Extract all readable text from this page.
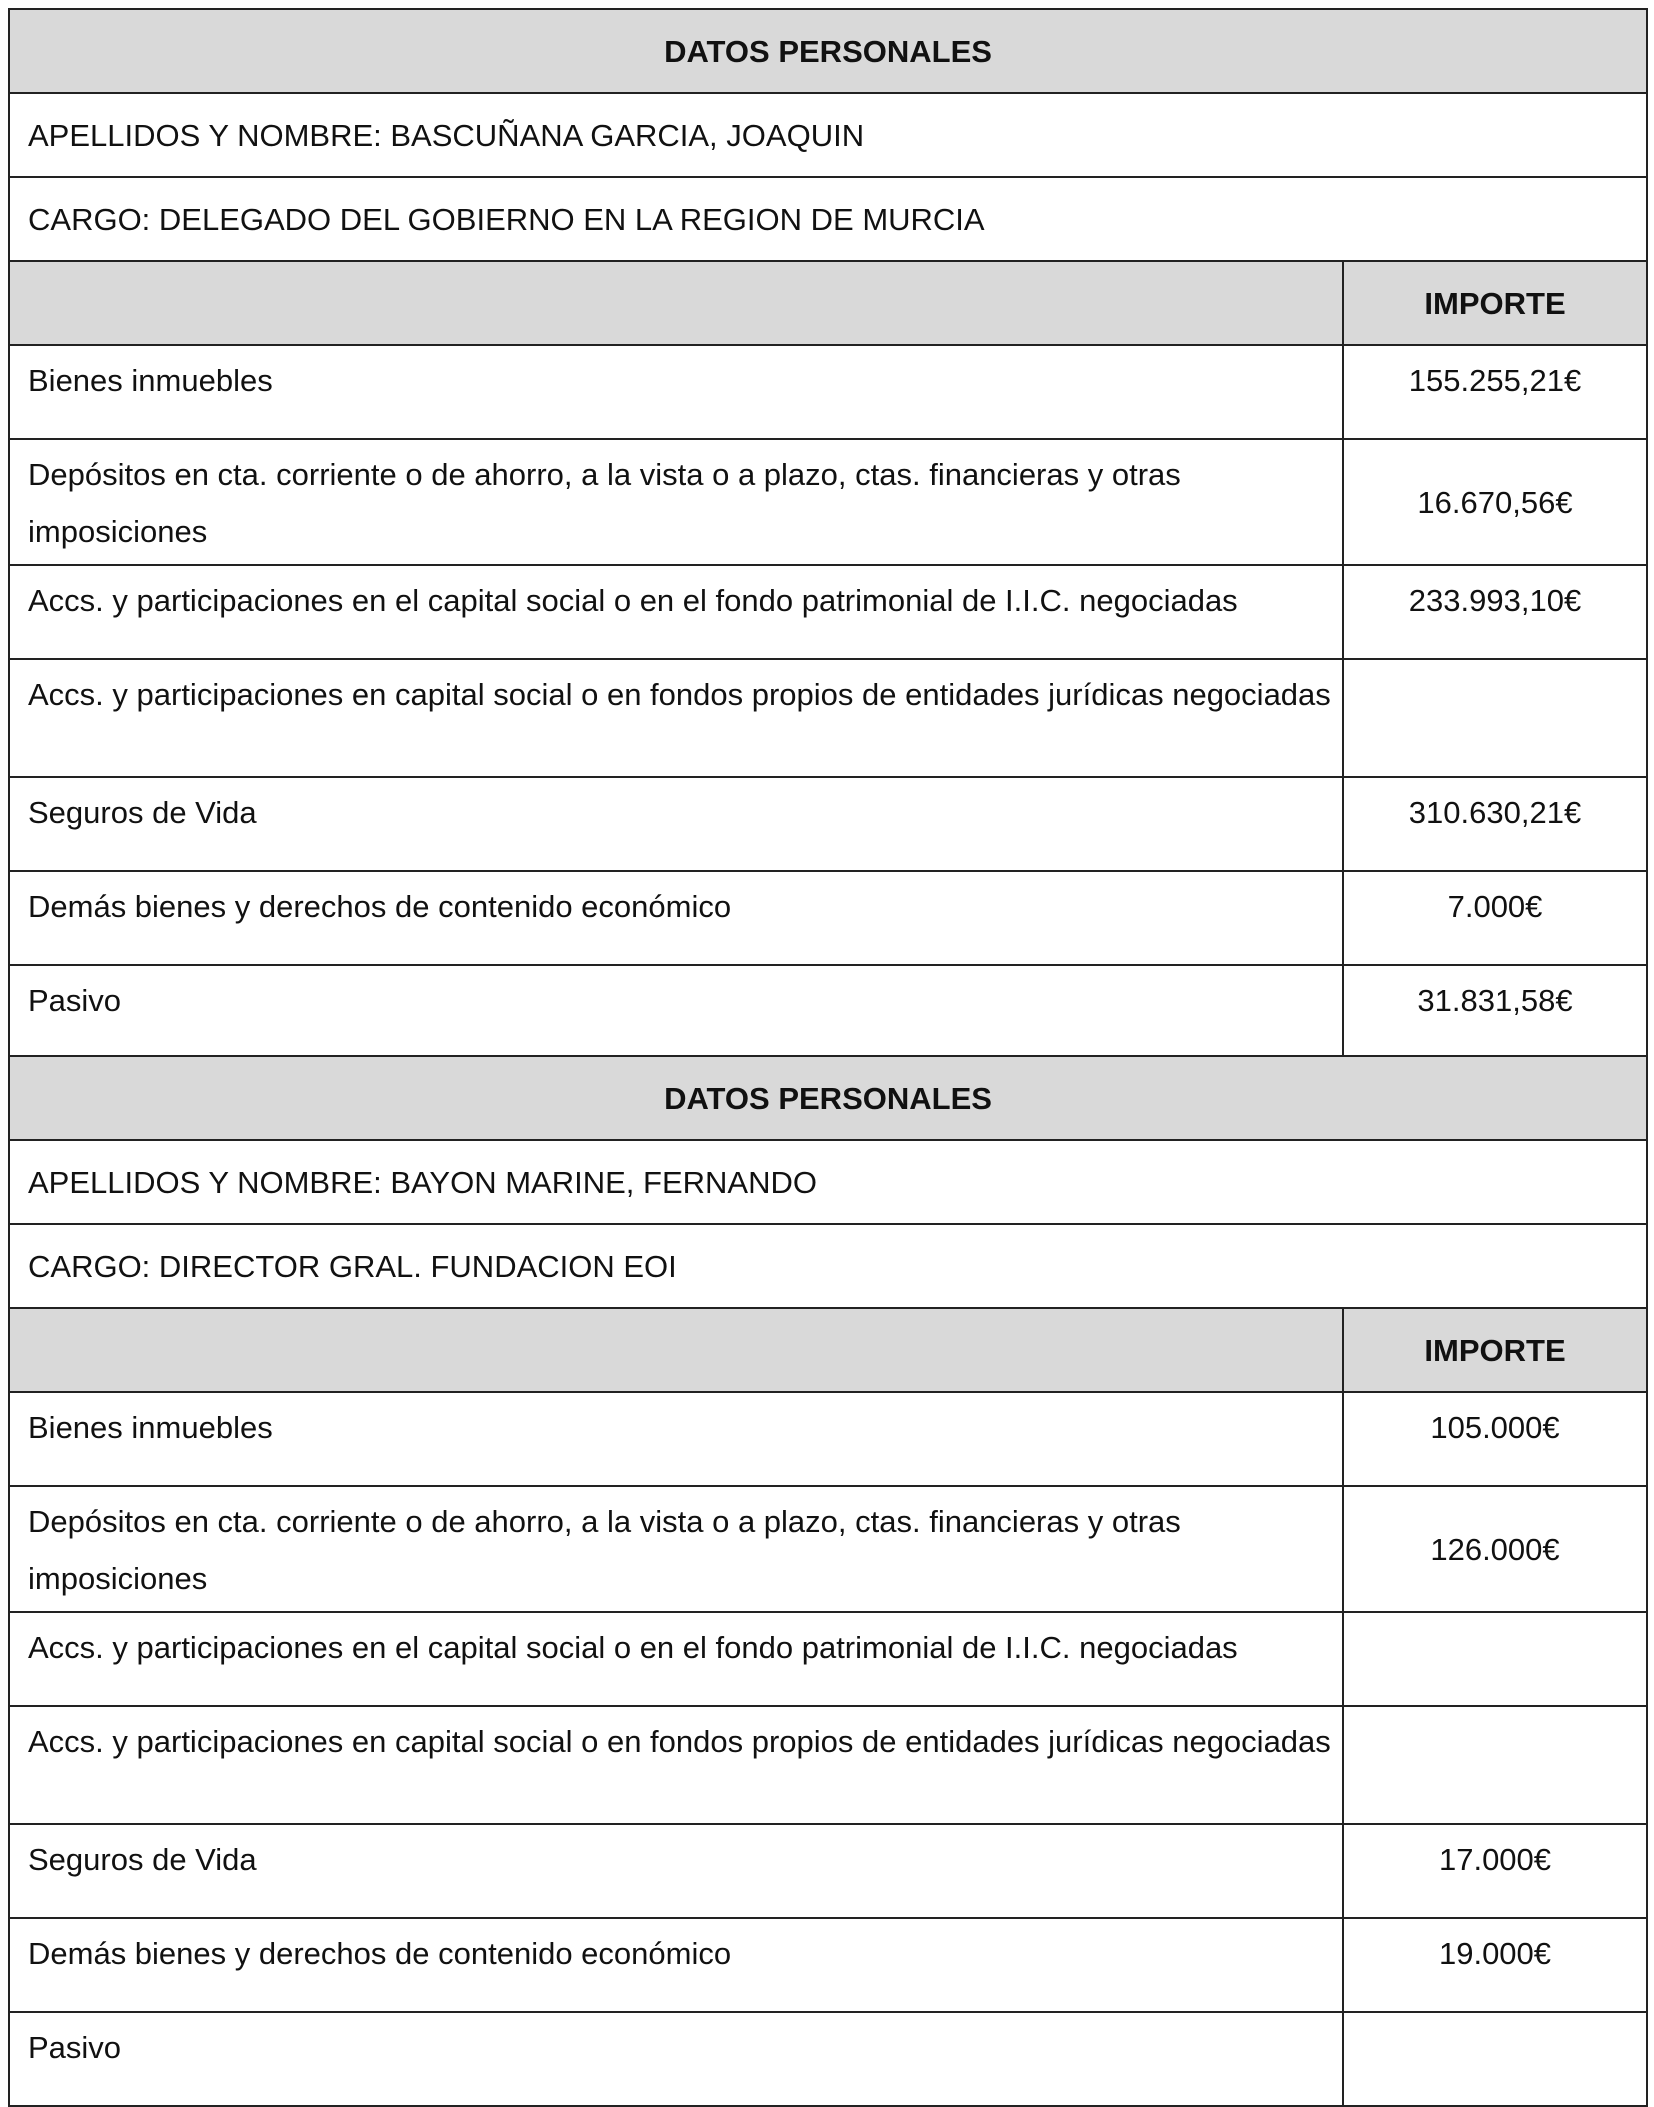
DATOS PERSONALES	
APELLIDOS Y NOMBRE: BASCUÑANA GARCIA, JOAQUIN	
CARGO: DELEGADO DEL GOBIERNO EN LA REGION DE MURCIA	
	IMPORTE
Bienes inmuebles	155.255,21€
Depósitos en cta. corriente o de ahorro, a la vista o a plazo, ctas. financieras y otras imposiciones	16.670,56€
Accs. y participaciones en el capital social o en el fondo patrimonial de I.I.C. negociadas	233.993,10€
Accs. y participaciones en capital social o en fondos propios de entidades jurídicas negociadas	
Seguros de Vida	310.630,21€
Demás bienes y derechos de contenido económico	7.000€
Pasivo	31.831,58€
DATOS PERSONALES	
APELLIDOS Y NOMBRE: BAYON MARINE, FERNANDO	
CARGO: DIRECTOR GRAL. FUNDACION EOI	
	IMPORTE
Bienes inmuebles	105.000€
Depósitos en cta. corriente o de ahorro, a la vista o a plazo, ctas. financieras y otras imposiciones	126.000€
Accs. y participaciones en el capital social o en el fondo patrimonial de I.I.C. negociadas	
Accs. y participaciones en capital social o en fondos propios de entidades jurídicas negociadas	
Seguros de Vida	17.000€
Demás bienes y derechos de contenido económico	19.000€
Pasivo	
